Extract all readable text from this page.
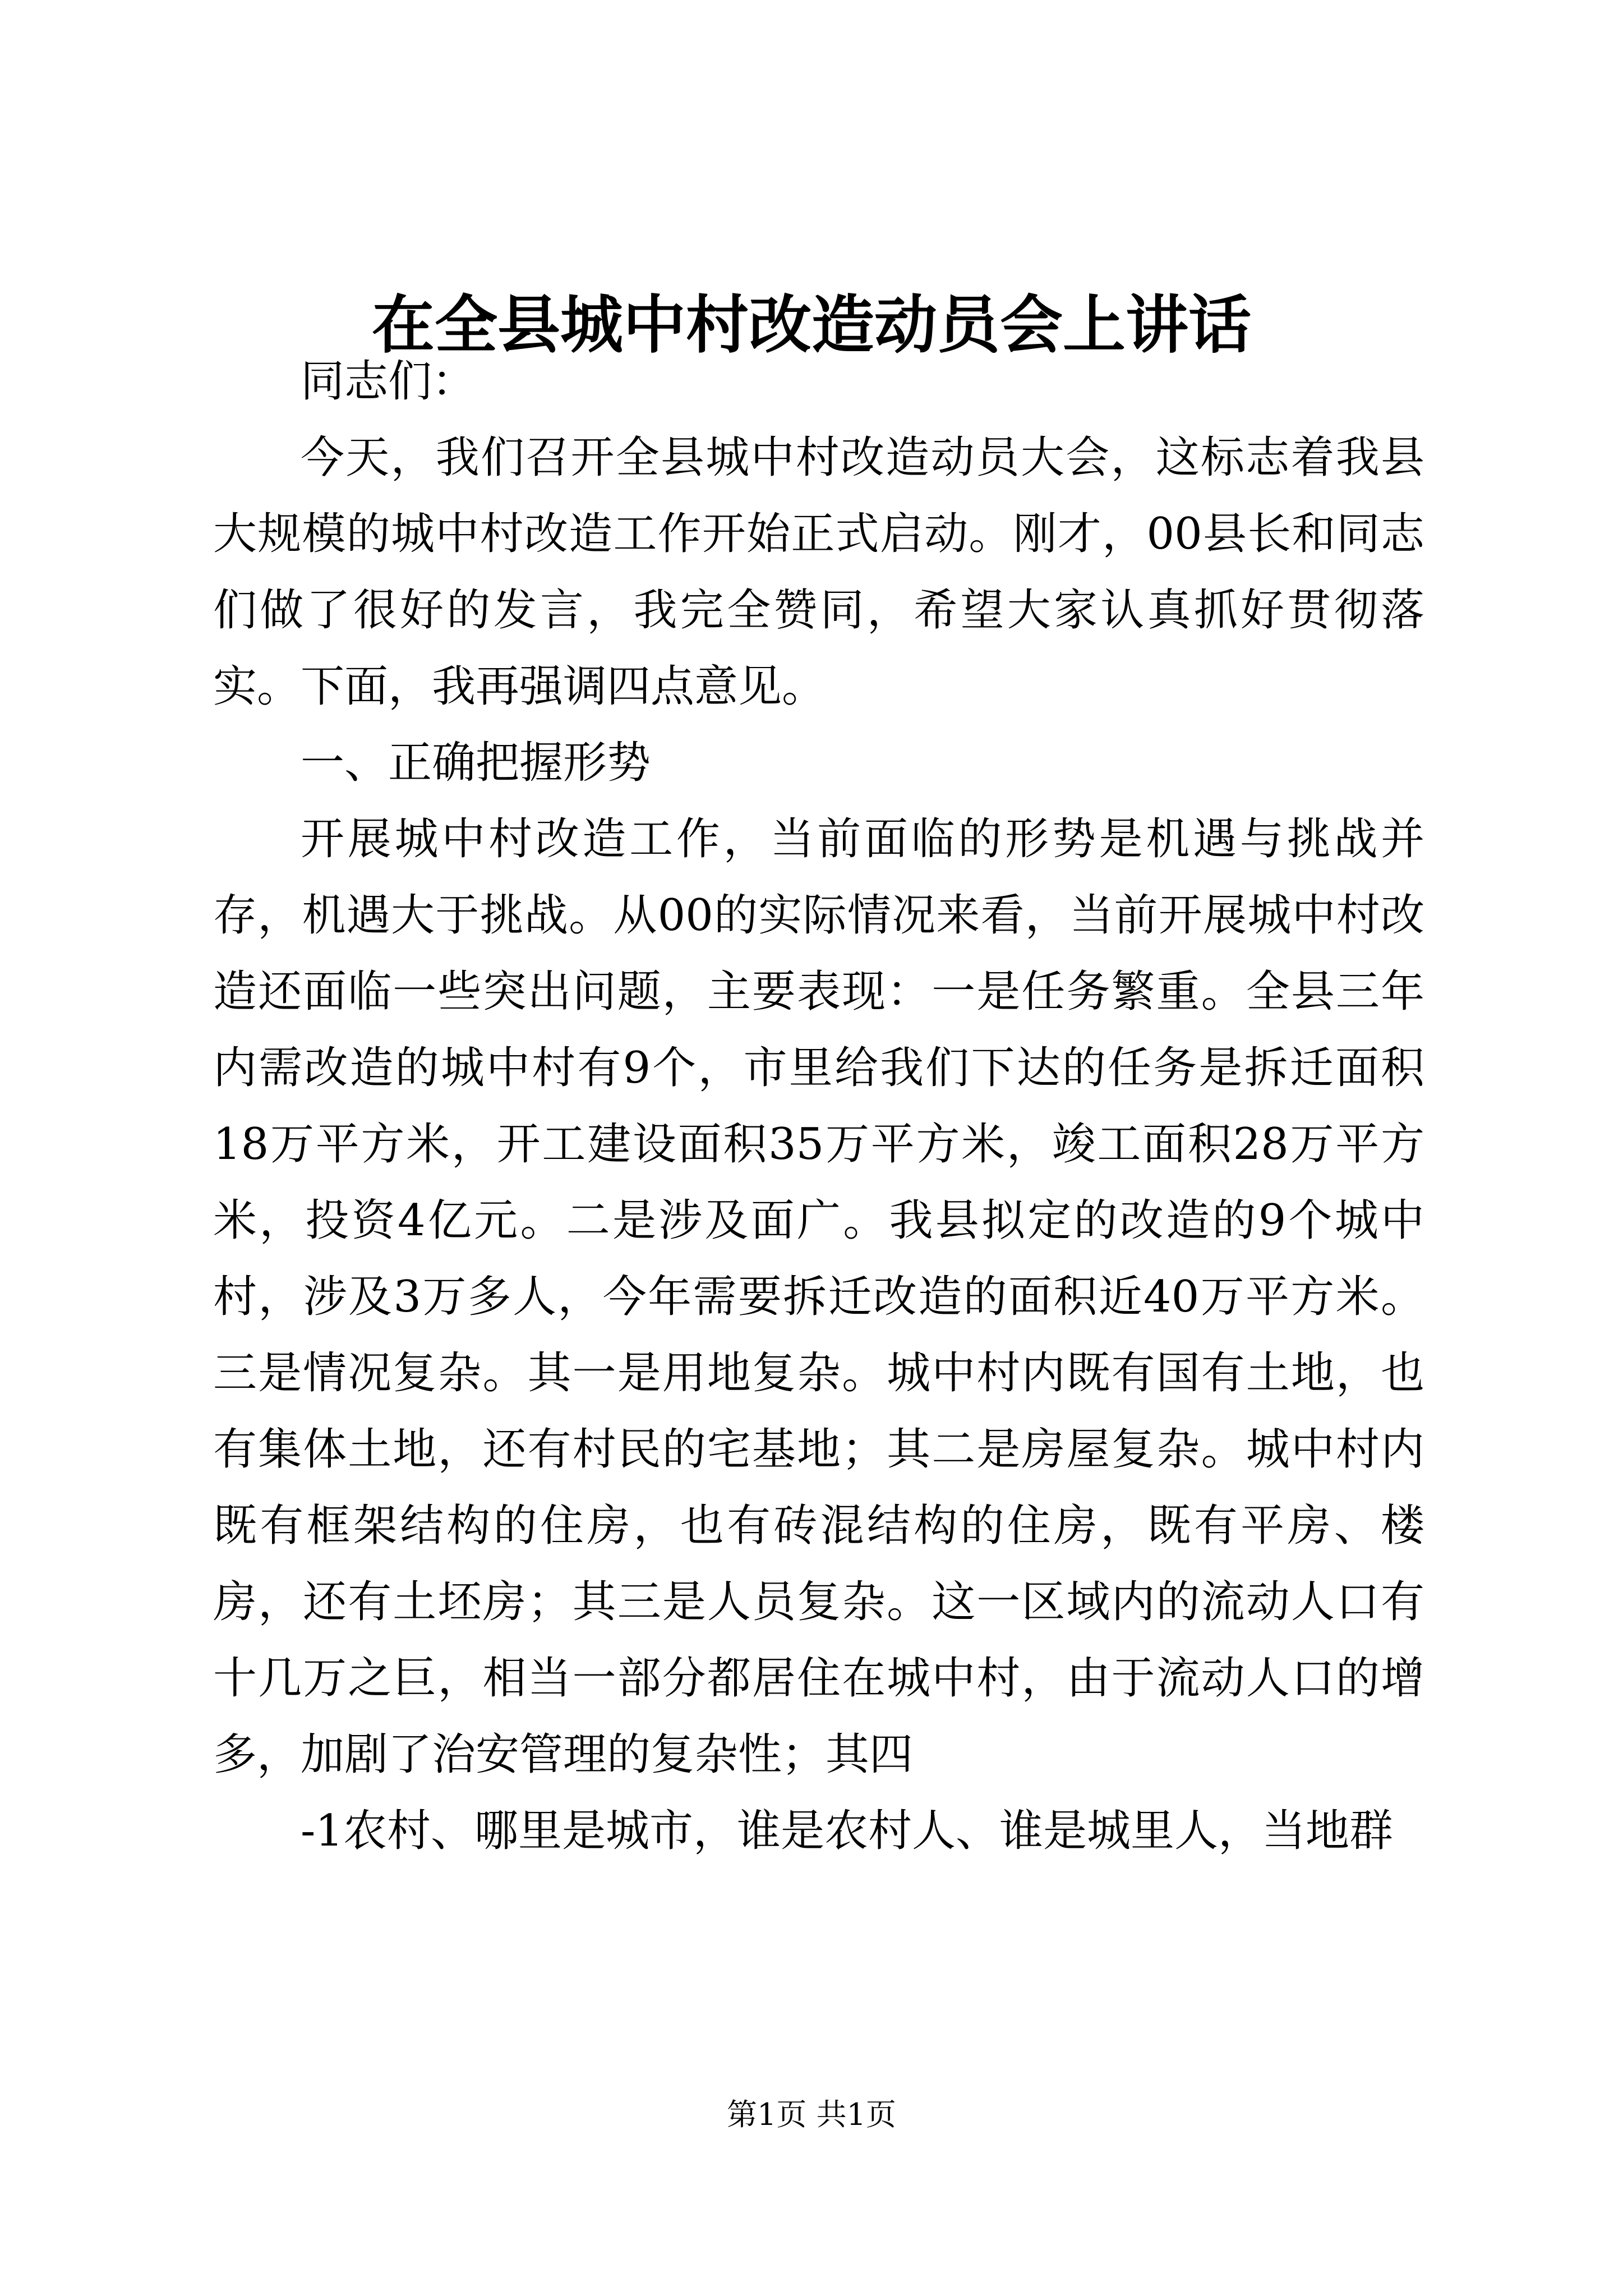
在全县城中村改造动员会上讲话

同志们：

今天，我们召开全县城中村改造动员大会，这标志着我县大规模的城中村改造工作开始正式启动。刚才，00县长和同志们做了很好的发言，我完全赞同，希望大家认真抓好贯彻落实。下面，我再强调四点意见。

一、正确把握形势

开展城中村改造工作，当前面临的形势是机遇与挑战并存，机遇大于挑战。从00的实际情况来看，当前开展城中村改造还面临一些突出问题，主要表现：一是任务繁重。全县三年内需改造的城中村有9个，市里给我们下达的任务是拆迁面积18万平方米，开工建设面积35万平方米，竣工面积28万平方米，投资4亿元。二是涉及面广。我县拟定的改造的9个城中村，涉及3万多人，今年需要拆迁改造的面积近40万平方米。三是情况复杂。其一是用地复杂。城中村内既有国有土地，也有集体土地，还有村民的宅基地；其二是房屋复杂。城中村内既有框架结构的住房，也有砖混结构的住房，既有平房、楼房，还有土坯房；其三是人员复杂。这一区域内的流动人口有十几万之巨，相当一部分都居住在城中村，由于流动人口的增多，加剧了治安管理的复杂性；其四

-1农村、哪里是城市，谁是农村人、谁是城里人，当地群

第1页 共1页
